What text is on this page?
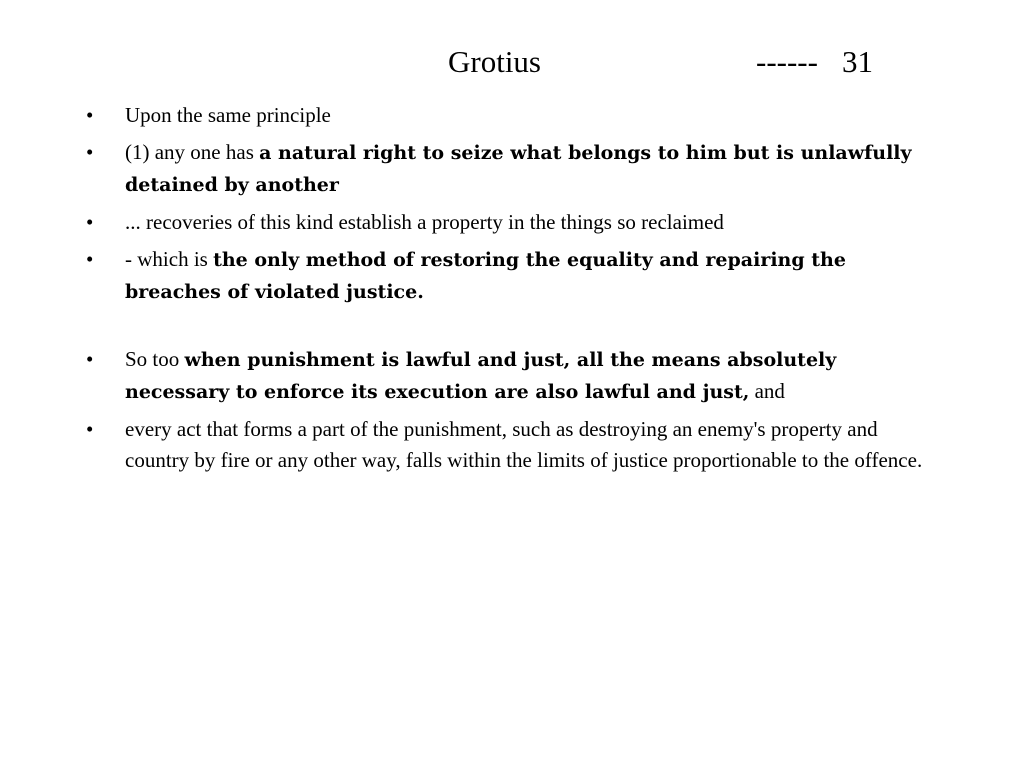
Grotius

	------

31

• Upon the same principle
• (1) any one has a natural right to seize what belongs to him but is unlawfully detained by another
• ... recoveries of this kind establish a property in the things so reclaimed
• - which is the only method of restoring the equality and repairing the breaches of violated justice.
• So too when punishment is lawful and just, all the means absolutely necessary to enforce its execution are also lawful and just, and
• every act that forms a part of the punishment, such as destroying an enemy's property and country by fire or any other way, falls within the limits of justice proportionable to the offence.
